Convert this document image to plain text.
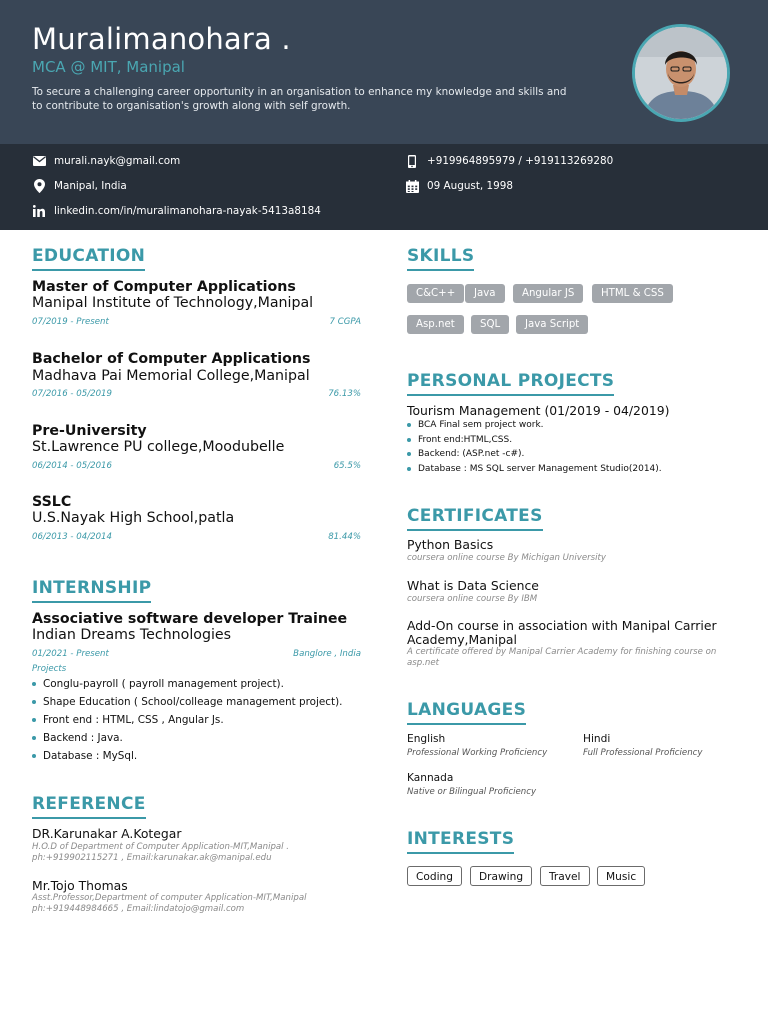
Muralimanohara .
MCA @ MIT, Manipal
To secure a challenging career opportunity in an organisation to enhance my knowledge and skills and to contribute to organisation's growth along with self growth.
murali.nayk@gmail.com
Manipal, India
linkedin.com/in/muralimanohara-nayak-5413a8184
+919964895979 / +919113269280
09 August, 1998
EDUCATION
Master of Computer Applications
Manipal Institute of Technology,Manipal
07/2019 - Present	7 CGPA
Bachelor of Computer Applications
Madhava Pai Memorial College,Manipal
07/2016 - 05/2019	76.13%
Pre-University
St.Lawrence PU college,Moodubelle
06/2014 - 05/2016	65.5%
SSLC
U.S.Nayak High School,patla
06/2013 - 04/2014	81.44%
INTERNSHIP
Associative software developer Trainee
Indian Dreams Technologies
01/2021 - Present	Banglore , India
Projects
Conglu-payroll ( payroll management project).
Shape Education ( School/colleage management project).
Front end : HTML, CSS , Angular Js.
Backend : Java.
Database : MySql.
REFERENCE
DR.Karunakar A.Kotegar
H.O.D of Department of Computer Application-MIT,Manipal . ph:+919902115271 , Email:karunakar.ak@manipal.edu
Mr.Tojo Thomas
Asst.Professor,Department of computer Application-MIT,Manipal ph:+919448984665 , Email:lindatojo@gmail.com
SKILLS
C&C++	Java	Angular JS	HTML & CSS
Asp.net	SQL	Java Script
PERSONAL PROJECTS
Tourism Management (01/2019 - 04/2019)
BCA Final sem project work.
Front end:HTML,CSS.
Backend: (ASP.net -c#).
Database : MS SQL server Management Studio(2014).
CERTIFICATES
Python Basics
coursera online course By Michigan University
What is Data Science
coursera online course By IBM
Add-On course in association with Manipal Carrier Academy,Manipal
A certificate offered by Manipal Carrier Academy for finishing course on asp.net
LANGUAGES
English
Professional Working Proficiency
Hindi
Full Professional Proficiency
Kannada
Native or Bilingual Proficiency
INTERESTS
Coding	Drawing	Travel	Music
